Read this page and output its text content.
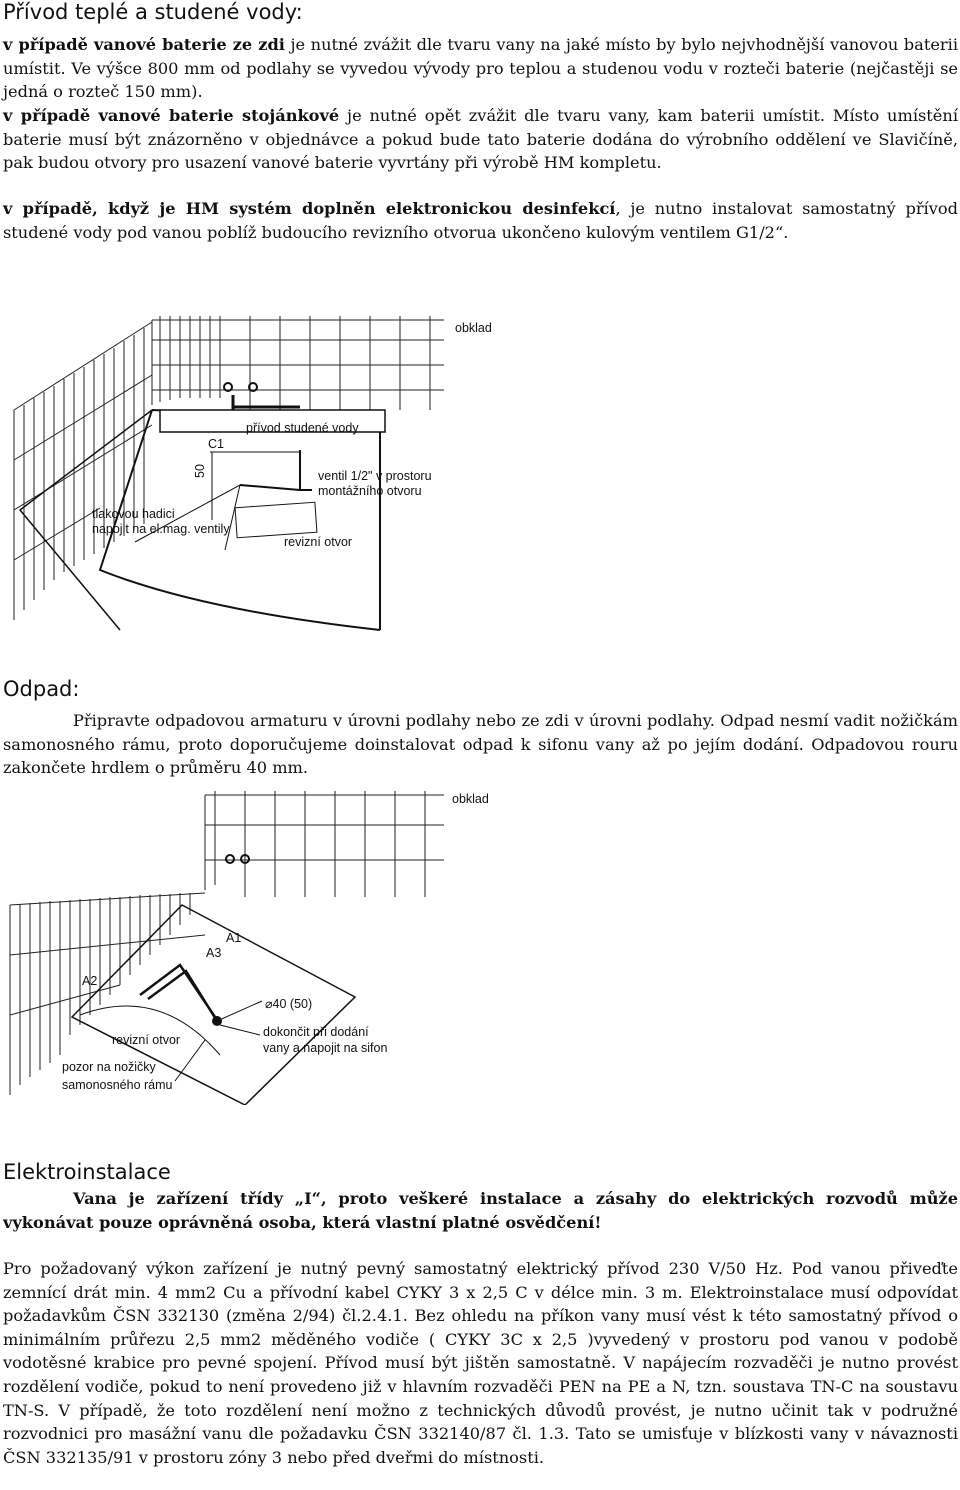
Přívod teplé a studené vody:

v případě vanové baterie ze zdi je nutné zvážit dle tvaru vany na jaké místo by bylo nejvhodnější vanovou baterii umístit. Ve výšce 800 mm od podlahy se vyvedou vývody pro teplou a studenou vodu v rozteči baterie (nejčastěji se jedná o rozteč 150 mm).

v případě vanové baterie stojánkové je nutné opět zvážit dle tvaru vany, kam baterii umístit. Místo umístění baterie musí být znázorněno v objednávce a pokud bude tato baterie dodána do výrobního oddělení ve Slavičíně, pak budou otvory pro usazení vanové baterie vyvrtány při výrobě HM kompletu.

v případě, když je HM systém doplněn elektronickou desinfekcí, je nutno instalovat samostatný přívod studené vody pod vanou poblíž budoucího revizního otvorua ukončeno kulovým ventilem G1/2“.

obklad
přívod studené vody
C1
50	ventil 1/2" v prostoru
montážního otvoru
tlakovou hadici
napojit na el.mag. ventily
revizní otvor
Odpad:

Připravte odpadovou armaturu v úrovni podlahy nebo ze zdi v úrovni podlahy. Odpad nesmí vadit nožičkám samonosného rámu, proto doporučujeme doinstalovat odpad k sifonu vany až po jejím dodání. Odpadovou rouru zakončete hrdlem o průměru 40 mm.

obklad
A1
A2
A3
⌀40 (50)
revizní otvor
dokončit při dodání
vany a napojit na sifon
pozor na nožičky
samonosného rámu
Elektroinstalace

Vana je zařízení třídy „I“, proto veškeré instalace a zásahy do elektrických rozvodů může vykonávat pouze oprávněná osoba, která vlastní platné osvědčení!

Pro požadovaný výkon zařízení je nutný pevný samostatný elektrický přívod 230 V/50 Hz. Pod vanou přiveďte zemnící drát min. 4 mm2 Cu a přívodní kabel CYKY 3 x 2,5 C v délce min. 3 m. Elektroinstalace musí odpovídat požadavkům ČSN 332130 (změna 2/94) čl.2.4.1. Bez ohledu na příkon vany musí vést k této samostatný přívod o minimálním průřezu 2,5 mm2 měděného vodiče ( CYKY 3C x 2,5 )vyvedený v prostoru pod vanou v podobě vodotěsné krabice pro pevné spojení. Přívod musí být jištěn samostatně. V napájecím rozvaděči je nutno provést rozdělení vodiče, pokud to není provedeno již v hlavním rozvaděči PEN na PE a N, tzn. soustava TN-C na soustavu TN-S. V případě, že toto rozdělení není možno z technických důvodů provést, je nutno učinit tak v podružné rozvodnici pro masážní vanu dle požadavku ČSN 332140/87 čl. 1.3. Tato se umisťuje v blízkosti vany v návaznosti ČSN 332135/91 v prostoru zóny 3 nebo před dveřmi do místnosti.
